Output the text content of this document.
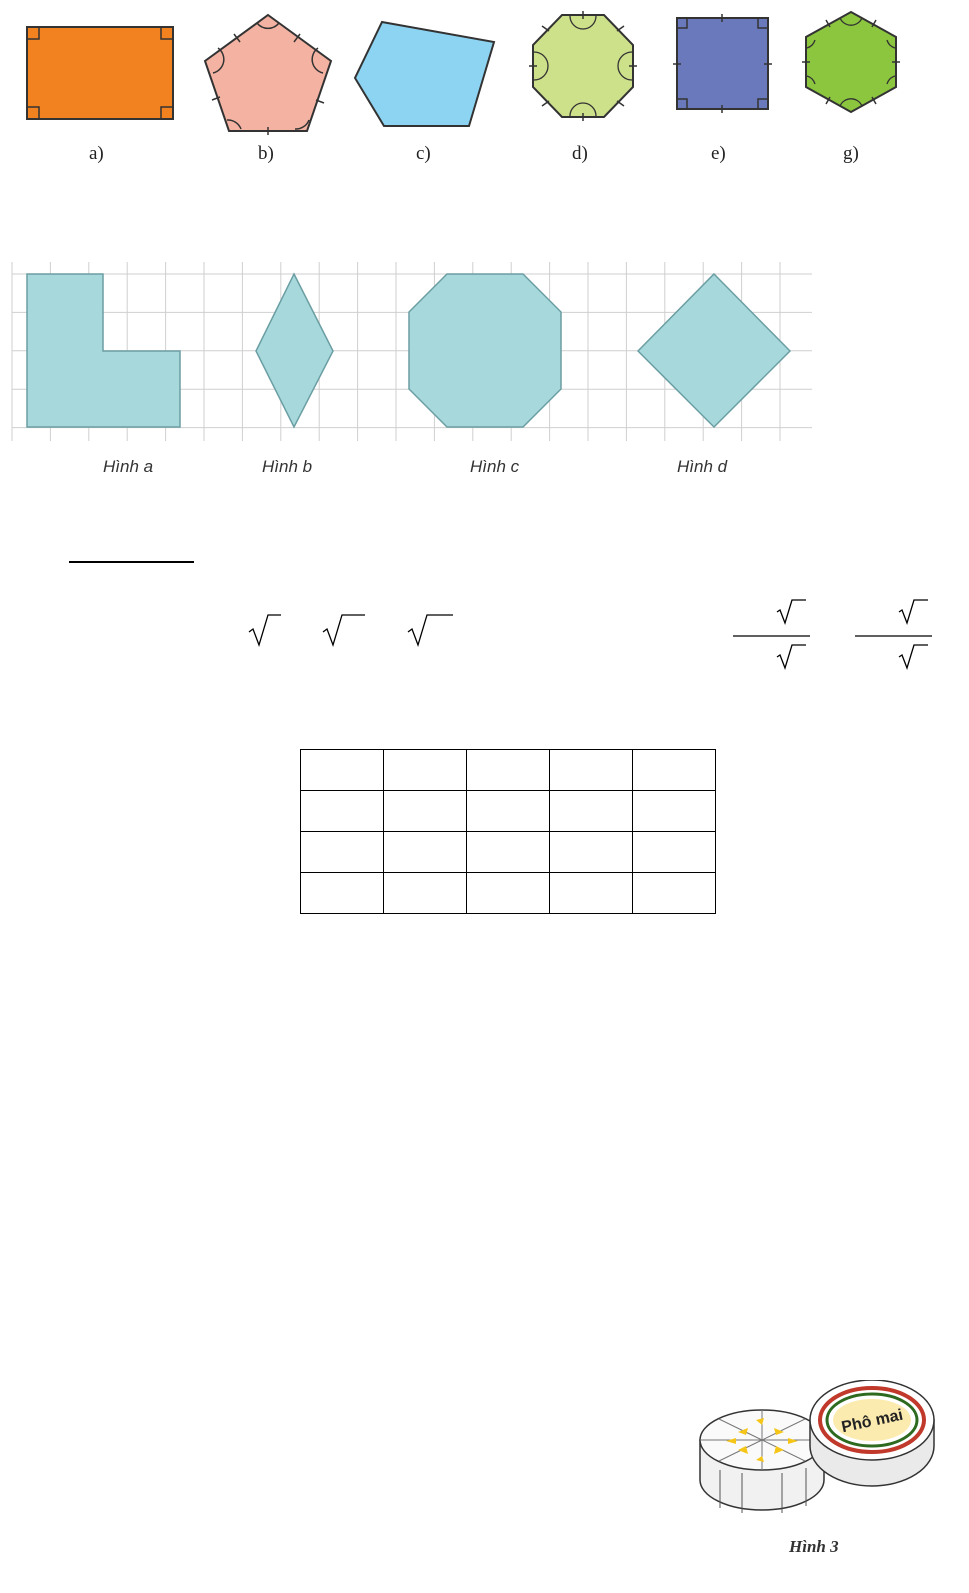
a)	b)	c)	d)	e)	g)
Hình a	Hình b	Hình c	Hình d

Phô mai
Hình 3
